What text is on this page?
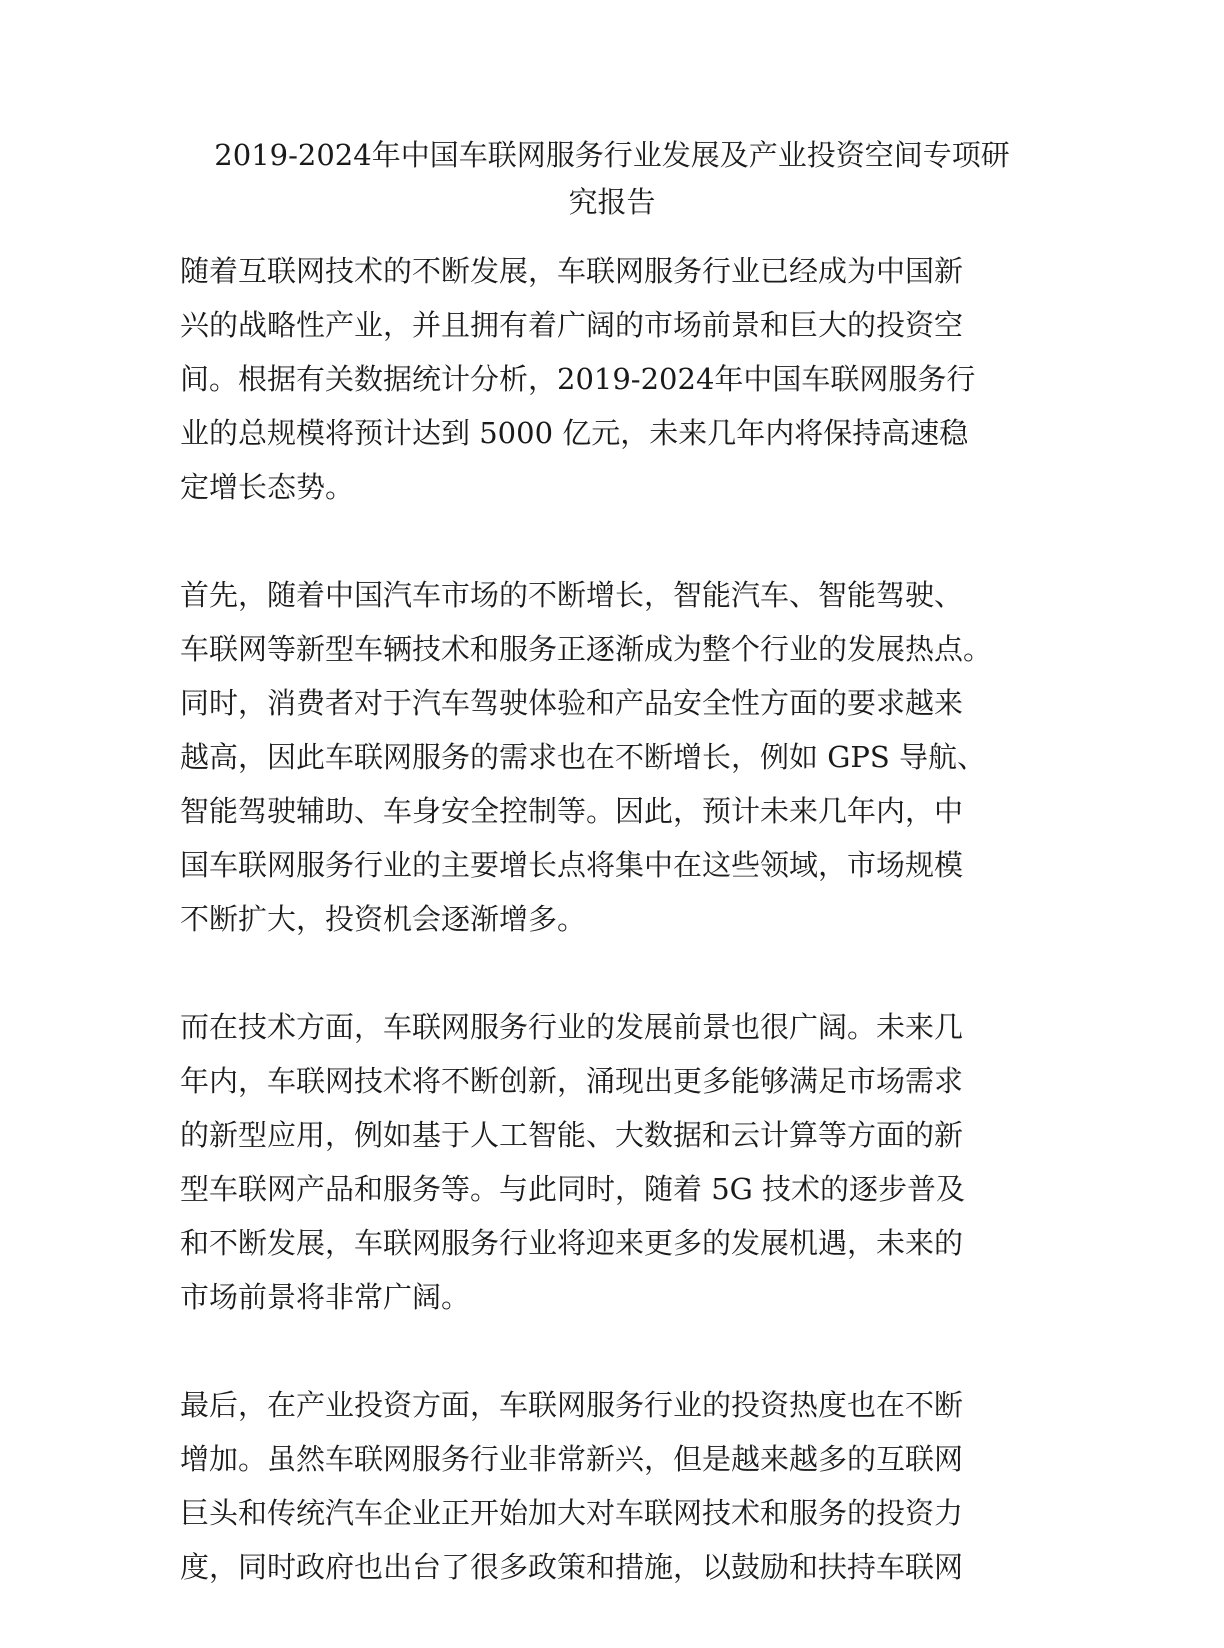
2019-2024年中国车联网服务行业发展及产业投资空间专项研
究报告
随着互联网技术的不断发展，车联网服务行业已经成为中国新
兴的战略性产业，并且拥有着广阔的市场前景和巨大的投资空
间。根据有关数据统计分析，2019-2024年中国车联网服务行
业的总规模将预计达到 5000 亿元，未来几年内将保持高速稳
定增长态势。
首先，随着中国汽车市场的不断增长，智能汽车、智能驾驶、
车联网等新型车辆技术和服务正逐渐成为整个行业的发展热点。
同时，消费者对于汽车驾驶体验和产品安全性方面的要求越来
越高，因此车联网服务的需求也在不断增长，例如 GPS 导航、
智能驾驶辅助、车身安全控制等。因此，预计未来几年内，中
国车联网服务行业的主要增长点将集中在这些领域，市场规模
不断扩大，投资机会逐渐增多。
而在技术方面，车联网服务行业的发展前景也很广阔。未来几
年内，车联网技术将不断创新，涌现出更多能够满足市场需求
的新型应用，例如基于人工智能、大数据和云计算等方面的新
型车联网产品和服务等。与此同时，随着 5G 技术的逐步普及
和不断发展，车联网服务行业将迎来更多的发展机遇，未来的
市场前景将非常广阔。
最后，在产业投资方面，车联网服务行业的投资热度也在不断
增加。虽然车联网服务行业非常新兴，但是越来越多的互联网
巨头和传统汽车企业正开始加大对车联网技术和服务的投资力
度，同时政府也出台了很多政策和措施，以鼓励和扶持车联网
